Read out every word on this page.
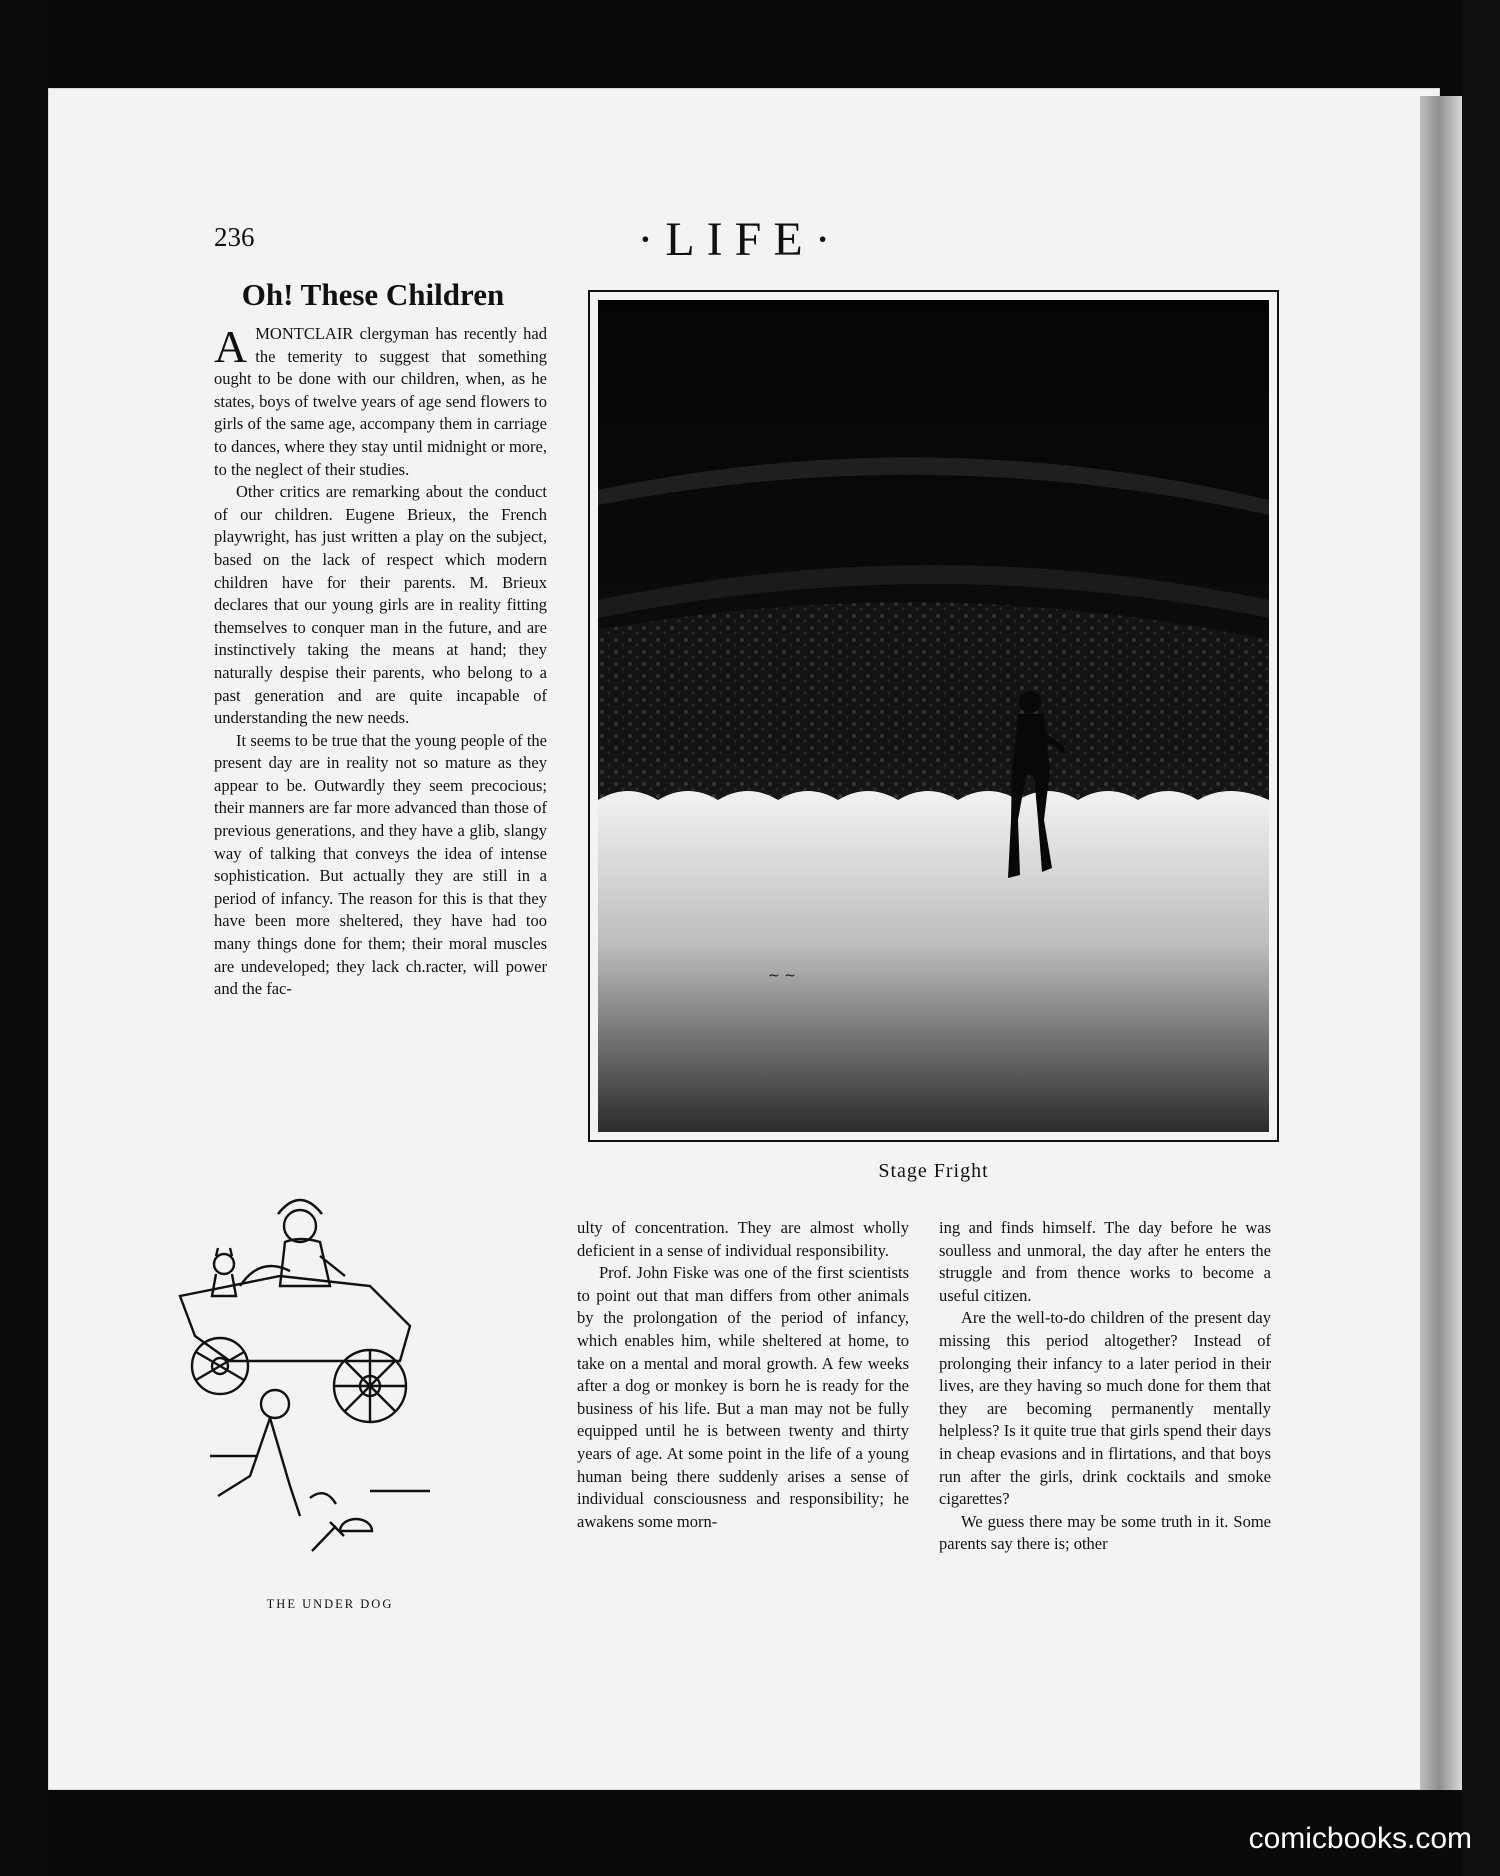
236	·LIFE·
Oh! These Children

AMONTCLAIR clergyman has recently had the temerity to suggest that something ought to be done with our children, when, as he states, boys of twelve years of age send flowers to girls of the same age, accompany them in carriage to dances, where they stay until midnight or more, to the neglect of their studies.

Other critics are remarking about the conduct of our children. Eugene Brieux, the French playwright, has just written a play on the subject, based on the lack of respect which modern children have for their parents. M. Brieux declares that our young girls are in reality fitting themselves to conquer man in the future, and are instinctively taking the means at hand; they naturally despise their parents, who belong to a past generation and are quite incapable of understanding the new needs.

It seems to be true that the young people of the present day are in reality not so mature as they appear to be. Outwardly they seem precocious; their manners are far more advanced than those of previous generations, and they have a glib, slangy way of talking that conveys the idea of intense sophistication. But actually they are still in a period of infancy. The reason for this is that they have been more sheltered, they have had too many things done for them; their moral muscles are undeveloped; they lack ch.racter, will power and the fac-

ulty of concentration. They are almost wholly deficient in a sense of individual responsibility.

Prof. John Fiske was one of the first scientists to point out that man differs from other animals by the prolongation of the period of infancy, which enables him, while sheltered at home, to take on a mental and moral growth. A few weeks after a dog or monkey is born he is ready for the business of his life. But a man may not be fully equipped until he is between twenty and thirty years of age. At some point in the life of a young human being there suddenly arises a sense of individual consciousness and responsibility; he awakens some morn-

ing and finds himself. The day before he was soulless and unmoral, the day after he enters the struggle and from thence works to become a useful citizen.

Are the well-to-do children of the present day missing this period altogether? Instead of prolonging their infancy to a later period in their lives, are they having so much done for them that they are becoming permanently mentally helpless? Is it quite true that girls spend their days in cheap evasions and in flirtations, and that boys run after the girls, drink cocktails and smoke cigarettes?

We guess there may be some truth in it. Some parents say there is; other

~ ~
Stage Fright
THE UNDER DOG
comicbooks.com
